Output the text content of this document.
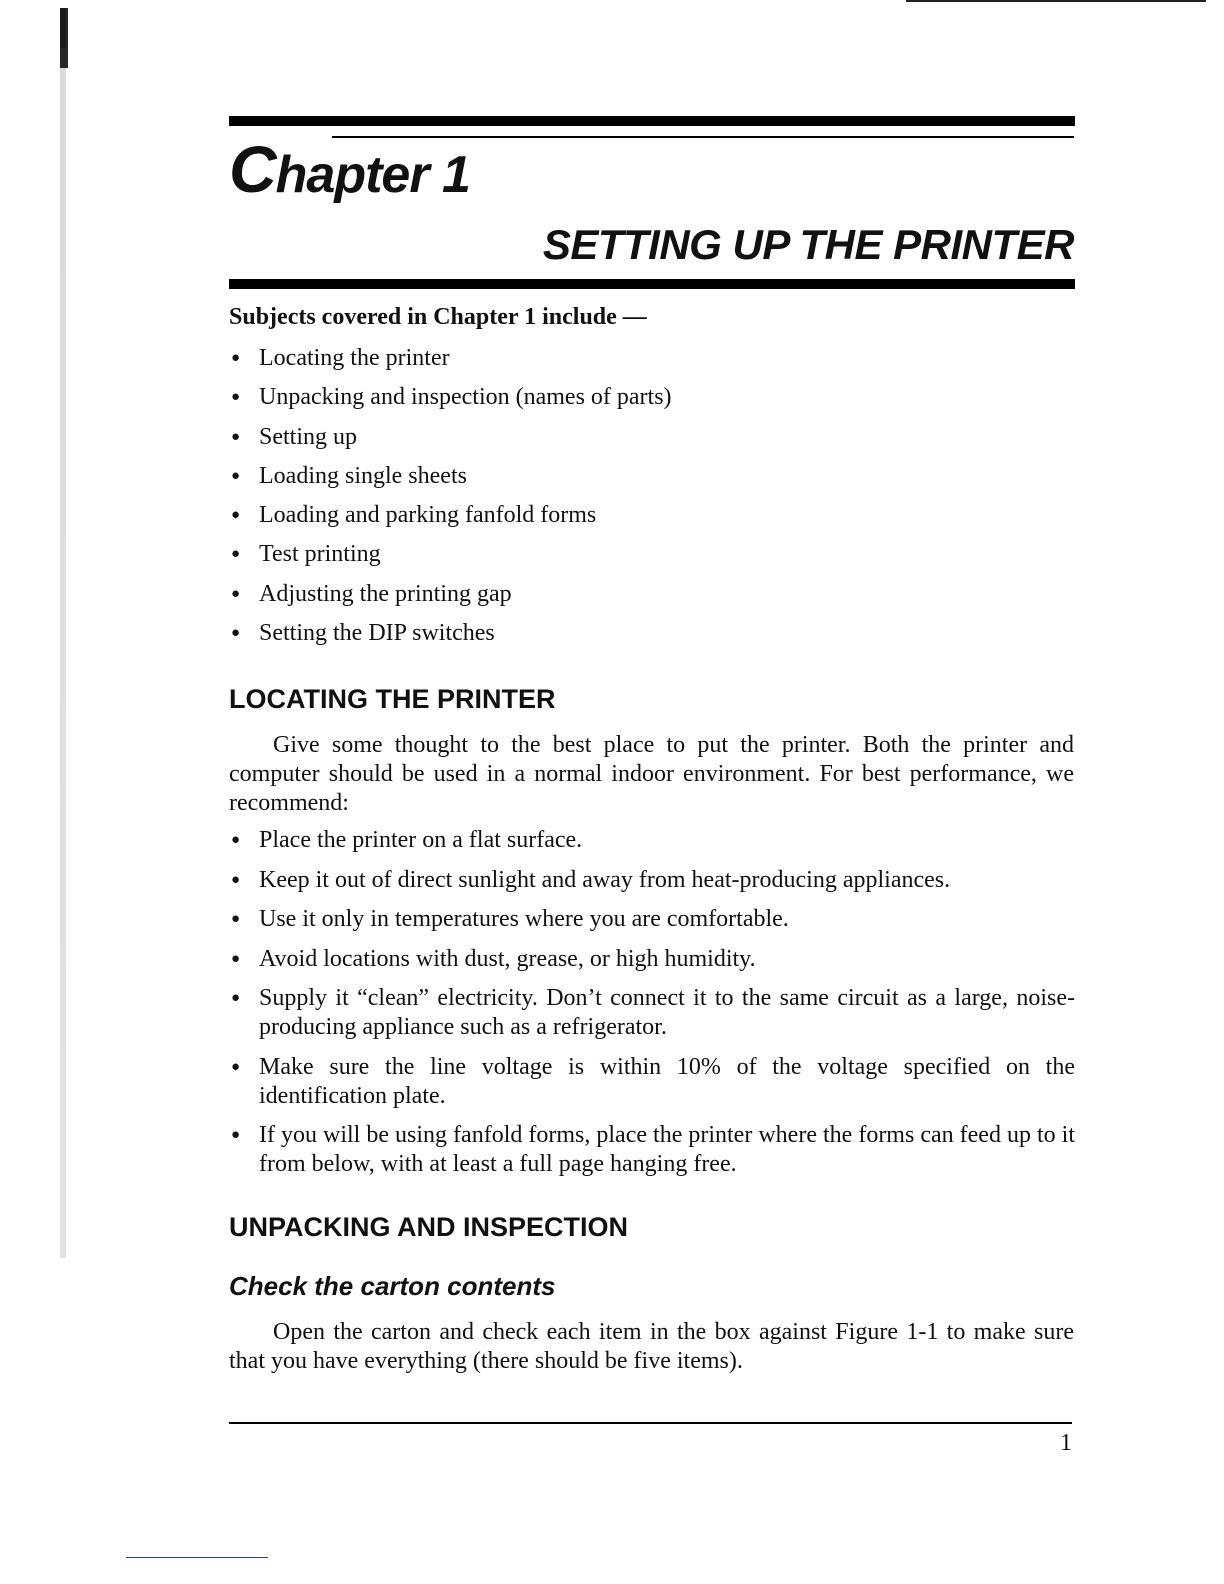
Chapter 1
SETTING UP THE PRINTER
Subjects covered in Chapter 1 include —
● Locating the printer
● Unpacking and inspection (names of parts)
● Setting up
● Loading single sheets
● Loading and parking fanfold forms
● Test printing
● Adjusting the printing gap
● Setting the DIP switches
LOCATING THE PRINTER

Give some thought to the best place to put the printer. Both the printer and computer should be used in a normal indoor environment. For best performance, we recommend:

● Place the printer on a flat surface.
● Keep it out of direct sunlight and away from heat-producing appliances.
● Use it only in temperatures where you are comfortable.
● Avoid locations with dust, grease, or high humidity.
● Supply it “clean” electricity. Don’t connect it to the same circuit as a large, noise-producing appliance such as a refrigerator.
● Make sure the line voltage is within 10% of the voltage specified on the identification plate.
● If you will be using fanfold forms, place the printer where the forms can feed up to it from below, with at least a full page hanging free.
UNPACKING AND INSPECTION
Check the carton contents

Open the carton and check each item in the box against Figure 1-1 to make sure that you have everything (there should be five items).

1
